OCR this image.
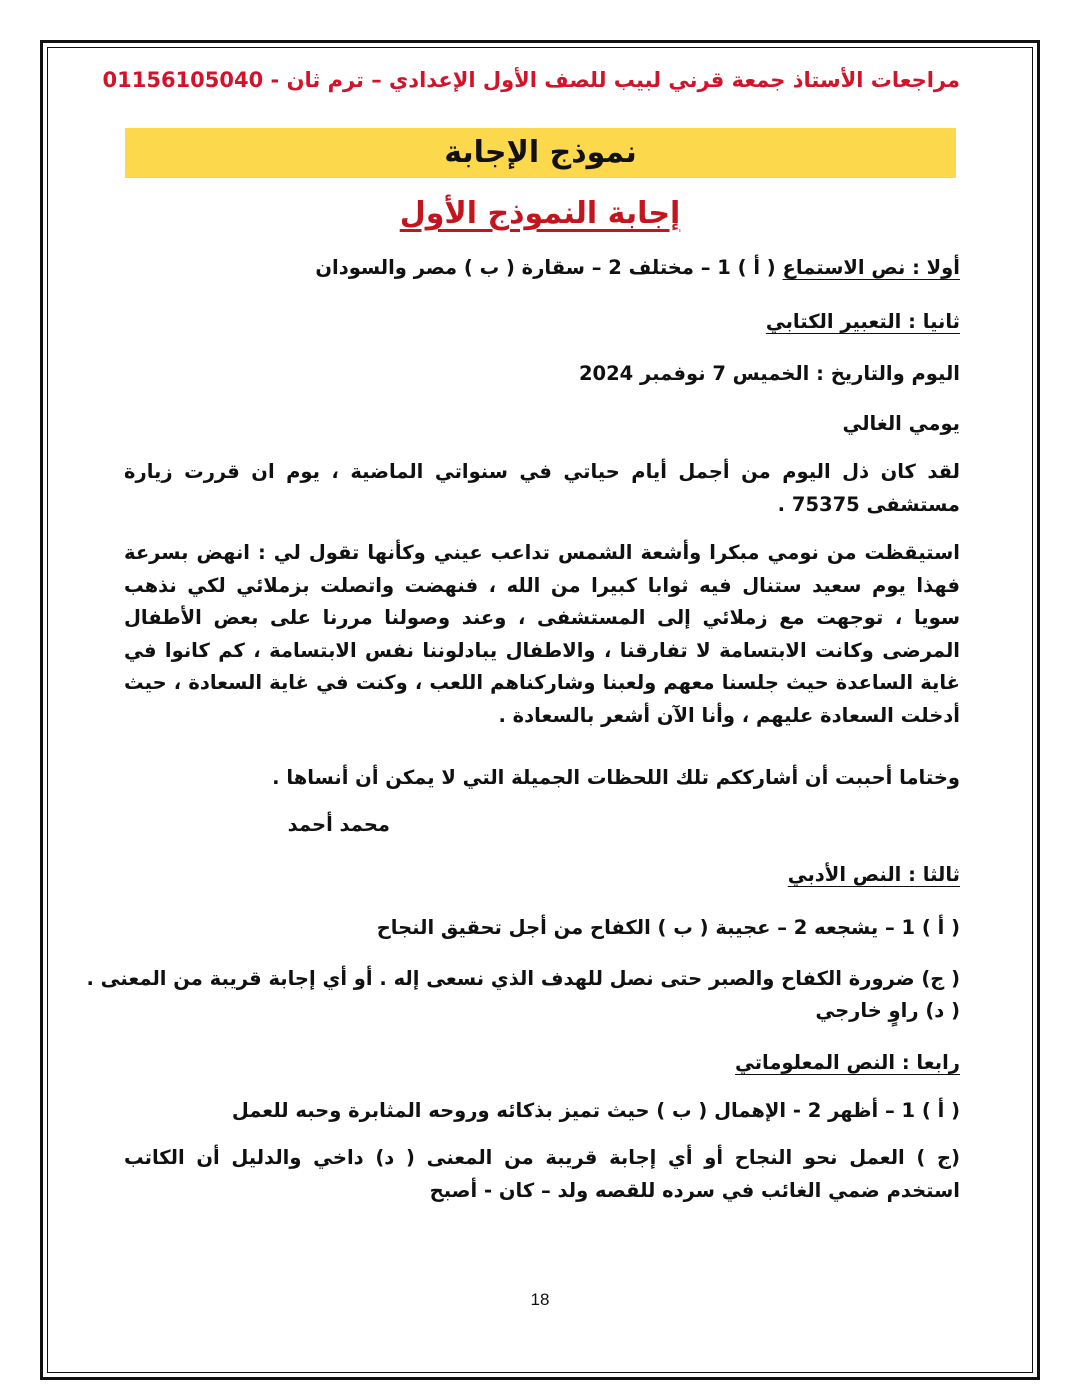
مراجعات الأستاذ جمعة قرني لبيب للصف الأول الإعدادي – ترم ثان - 01156105040
نموذج الإجابة
إجابة النموذج الأول
أولا : نص الاستماع ( أ ) 1 – مختلف 2 – سقارة ( ب ) مصر والسودان
ثانيا : التعبير الكتابي
اليوم والتاريخ : الخميس 7 نوفمبر 2024
يومي الغالي
لقد كان ذل اليوم من أجمل أيام حياتي في سنواتي الماضية ، يوم ان قررت زيارة مستشفى 75375 .
استيقظت من نومي مبكرا وأشعة الشمس تداعب عيني وكأنها تقول لي : انهض بسرعة فهذا يوم سعيد ستنال فيه ثوابا كبيرا من الله ، فنهضت واتصلت بزملائي لكي نذهب سويا ، توجهت مع زملائي إلى المستشفى ، وعند وصولنا مررنا على بعض الأطفال المرضى وكانت الابتسامة لا تفارقنا ، والاطفال يبادلوننا نفس الابتسامة ، كم كانوا في غاية الساعدة حيث جلسنا معهم ولعبنا وشاركناهم اللعب ، وكنت في غاية السعادة ، حيث أدخلت السعادة عليهم ، وأنا الآن أشعر بالسعادة .
وختاما أحببت أن أشارككم تلك اللحظات الجميلة التي لا يمكن أن أنساها .
محمد أحمد
ثالثا : النص الأدبي
( أ ) 1 – يشجعه 2 – عجيبة ( ب ) الكفاح من أجل تحقيق النجاح
( ج) ضرورة الكفاح والصبر حتى نصل للهدف الذي نسعى إله . أو أي إجابة قريبة من المعنى .
( د) راوٍ خارجي
رابعا : النص المعلوماتي
( أ ) 1 – أظهر 2 - الإهمال ( ب ) حيث تميز بذكائه وروحه المثابرة وحبه للعمل
(ج ) العمل نحو النجاح أو أي إجابة قريبة من المعنى ( د) داخي والدليل أن الكاتب استخدم ضمي الغائب في سرده للقصه ولد – كان - أصبح
18
